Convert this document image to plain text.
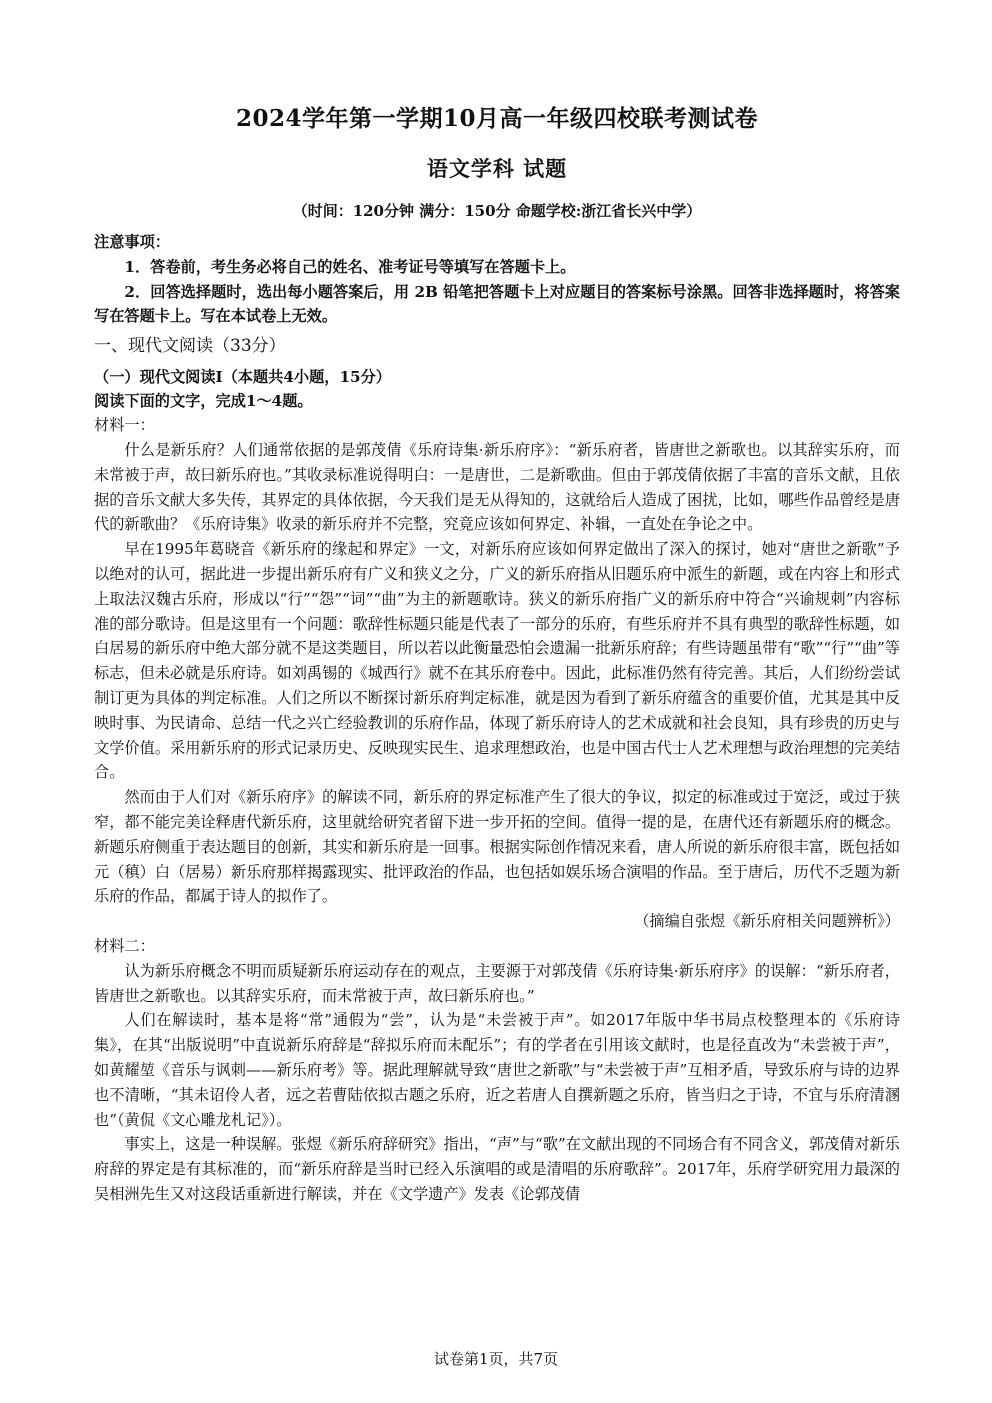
2024学年第一学期10月高一年级四校联考测试卷
语文学科 试题
（时间：120分钟 满分：150分 命题学校:浙江省长兴中学）

注意事项：

1．答卷前，考生务必将自己的姓名、准考证号等填写在答题卡上。

2．回答选择题时，选出每小题答案后，用 2B 铅笔把答题卡上对应题目的答案标号涂黑。回答非选择题时，将答案写在答题卡上。写在本试卷上无效。

一、现代文阅读（33分）

（一）现代文阅读Ⅰ（本题共4小题，15分）

阅读下面的文字，完成1～4题。

材料一：

什么是新乐府？人们通常依据的是郭茂倩《乐府诗集·新乐府序》：“新乐府者，皆唐世之新歌也。以其辞实乐府，而未常被于声，故曰新乐府也。”其收录标准说得明白：一是唐世，二是新歌曲。但由于郭茂倩依据了丰富的音乐文献，且依据的音乐文献大多失传，其界定的具体依据，今天我们是无从得知的，这就给后人造成了困扰，比如，哪些作品曾经是唐代的新歌曲？《乐府诗集》收录的新乐府并不完整，究竟应该如何界定、补辑，一直处在争论之中。

早在1995年葛晓音《新乐府的缘起和界定》一文，对新乐府应该如何界定做出了深入的探讨，她对“唐世之新歌”予以绝对的认可，据此进一步提出新乐府有广义和狭义之分，广义的新乐府指从旧题乐府中派生的新题，或在内容上和形式上取法汉魏古乐府，形成以“行”“怨”“词”“曲”为主的新题歌诗。狭义的新乐府指广义的新乐府中符合“兴谕规刺”内容标准的部分歌诗。但是这里有一个问题：歌辞性标题只能是代表了一部分的乐府，有些乐府并不具有典型的歌辞性标题，如白居易的新乐府中绝大部分就不是这类题目，所以若以此衡量恐怕会遗漏一批新乐府辞；有些诗题虽带有“歌”“行”“曲”等标志，但未必就是乐府诗。如刘禹锡的《城西行》就不在其乐府卷中。因此，此标准仍然有待完善。其后，人们纷纷尝试制订更为具体的判定标准。人们之所以不断探讨新乐府判定标准，就是因为看到了新乐府蕴含的重要价值，尤其是其中反映时事、为民请命、总结一代之兴亡经验教训的乐府作品，体现了新乐府诗人的艺术成就和社会良知，具有珍贵的历史与文学价值。采用新乐府的形式记录历史、反映现实民生、追求理想政治，也是中国古代士人艺术理想与政治理想的完美结合。

然而由于人们对《新乐府序》的解读不同，新乐府的界定标准产生了很大的争议，拟定的标准或过于宽泛，或过于狭窄，都不能完美诠释唐代新乐府，这里就给研究者留下进一步开拓的空间。值得一提的是，在唐代还有新题乐府的概念。新题乐府侧重于表达题目的创新，其实和新乐府是一回事。根据实际创作情况来看，唐人所说的新乐府很丰富，既包括如元（稹）白（居易）新乐府那样揭露现实、批评政治的作品，也包括如娱乐场合演唱的作品。至于唐后，历代不乏题为新乐府的作品，都属于诗人的拟作了。

（摘编自张煜《新乐府相关问题辨析》）

材料二：

认为新乐府概念不明而质疑新乐府运动存在的观点，主要源于对郭茂倩《乐府诗集·新乐府序》的误解：“新乐府者，皆唐世之新歌也。以其辞实乐府，而未常被于声，故曰新乐府也。”

人们在解读时，基本是将“常”通假为“尝”，认为是“未尝被于声”。如2017年版中华书局点校整理本的《乐府诗集》，在其“出版说明”中直说新乐府辞是“辞拟乐府而未配乐”；有的学者在引用该文献时，也是径直改为“未尝被于声”，如黄耀堃《音乐与讽刺——新乐府考》等。据此理解就导致“唐世之新歌”与“未尝被于声”互相矛盾，导致乐府与诗的边界也不清晰，“其未诏伶人者，远之若曹陆依拟古题之乐府，近之若唐人自撰新题之乐府，皆当归之于诗，不宜与乐府清溷也”（黄侃《文心雕龙札记》）。

事实上，这是一种误解。张煜《新乐府辞研究》指出，“声”与“歌”在文献出现的不同场合有不同含义，郭茂倩对新乐府辞的界定是有其标准的，而“新乐府辞是当时已经入乐演唱的或是清唱的乐府歌辞”。2017年，乐府学研究用力最深的吴相洲先生又对这段话重新进行解读，并在《文学遗产》发表《论郭茂倩

试卷第1页，共7页
